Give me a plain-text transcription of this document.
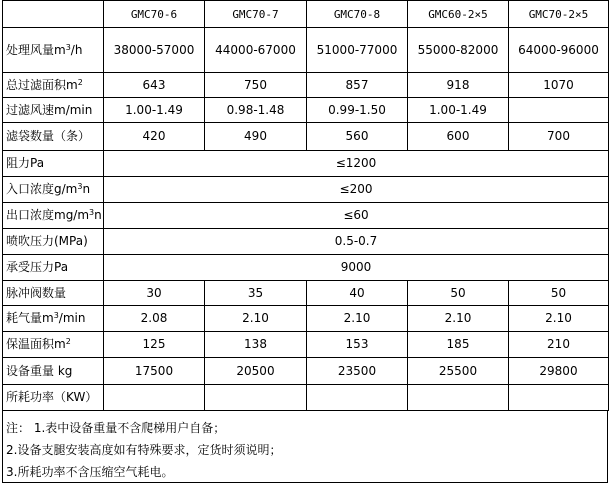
	GMC70-6	GMC70-7	GMC70-8	GMC60-2×5	GMC70-2×5
处理风量$m^3/h$	38000-57000	44000-67000	51000-77000	55000-82000	64000-96000
总过滤面积$m^2$	643	750	857	918	1070
过滤风速m/min	1.00-1.49	0.98-1.48	0.99-1.50	1.00-1.49	
滤袋数量（条）	420	490	560	600	700
阻力Pa	≤1200				
入口浓度$g/m^3n$	≤200				
出口浓度$mg/m^3n$	≤60				
喷吹压力(MPa)	0.5-0.7				
承受压力Pa	9000				
脉冲阀数量	30	35	40	50	50
耗气量$m^3/\min$	2.08	2.10	2.10	2.10	2.10
保温面积$m^2$	125	138	153	185	210
设备重量 kg	17500	20500	23500	25500	29800
所耗功率（KW）					
注： 1.表中设备重量不含爬梯用户自备；
2.设备支腿安装高度如有特殊要求，定货时须说明；
3.所耗功率不含压缩空气耗电。
